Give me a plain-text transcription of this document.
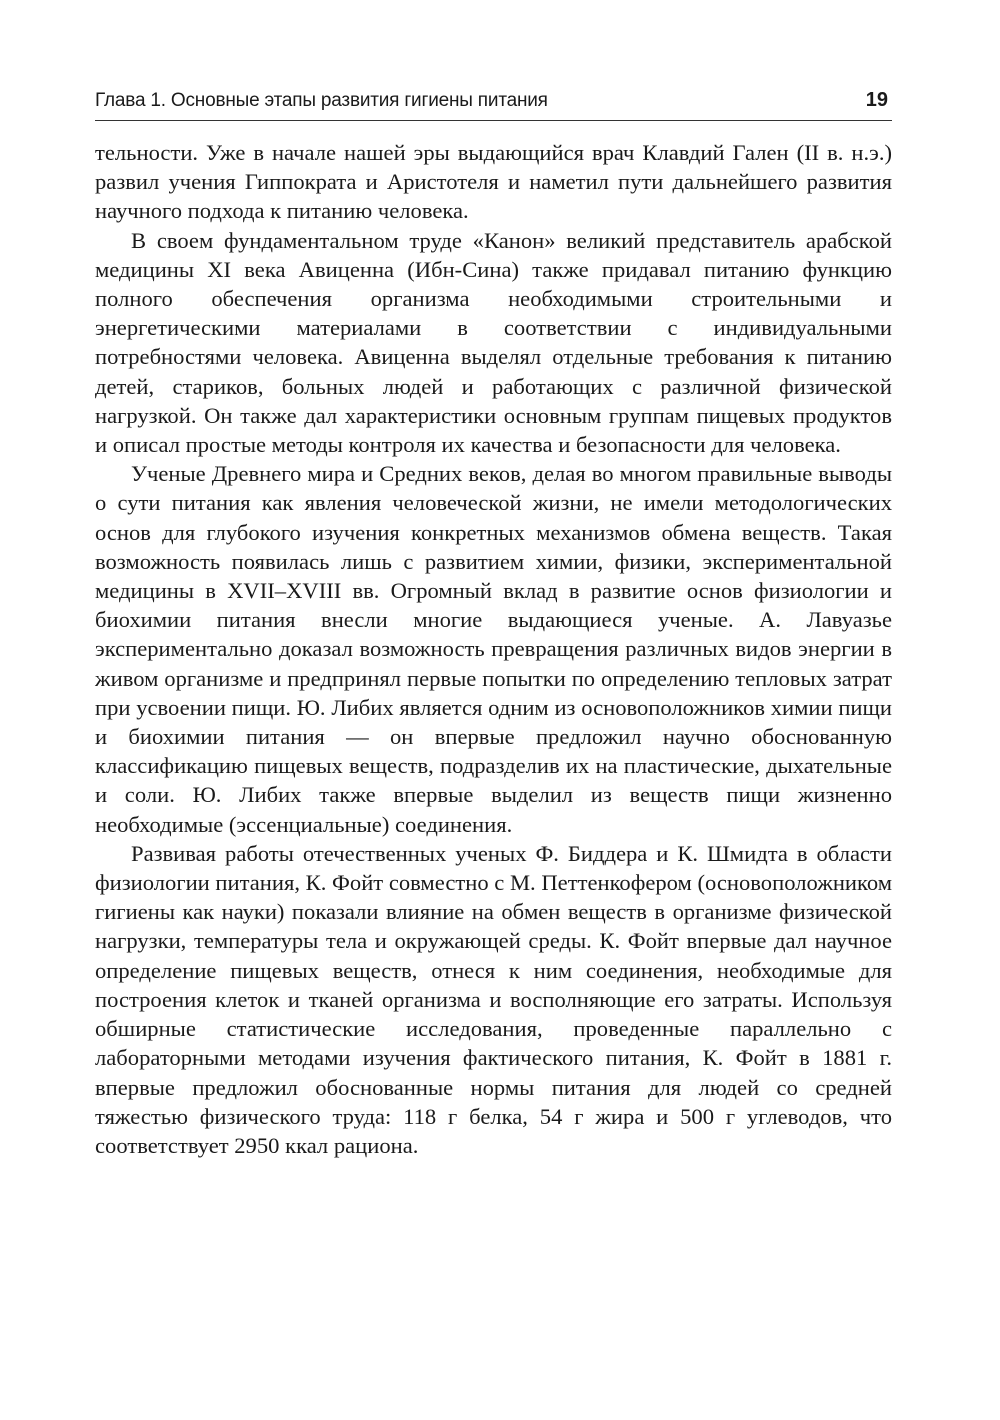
Глава 1. Основные этапы развития гигиены питания	19

тельности. Уже в начале нашей эры выдающийся врач Клавдий Гален (II в. н.э.) развил учения Гиппократа и Аристотеля и наметил пути дальнейшего развития научного подхода к питанию человека.

В своем фундаментальном труде «Канон» великий представитель арабской медицины XI века Авиценна (Ибн-Сина) также придавал питанию функцию полного обеспечения организма необходимыми строительными и энергетическими материалами в соответствии с индивидуальными потребностями человека. Авиценна выделял отдельные требования к питанию детей, стариков, больных людей и работающих с различной физической нагрузкой. Он также дал характеристики основным группам пищевых продуктов и описал простые методы контроля их качества и безопасности для человека.

Ученые Древнего мира и Средних веков, делая во многом правильные выводы о сути питания как явления человеческой жизни, не имели методологических основ для глубокого изучения конкретных механизмов обмена веществ. Такая возможность появилась лишь с развитием химии, физики, экспериментальной медицины в XVII–XVIII вв. Огромный вклад в развитие основ физиологии и биохимии питания внесли многие выдающиеся ученые. А. Лавуазье экспериментально доказал возможность превращения различных видов энергии в живом организме и предпринял первые попытки по определению тепловых затрат при усвоении пищи. Ю. Либих является одним из основоположников химии пищи и биохимии питания — он впервые предложил научно обоснованную классификацию пищевых веществ, подразделив их на пластические, дыхательные и соли. Ю. Либих также впервые выделил из веществ пищи жизненно необходимые (эссенциальные) соединения.

Развивая работы отечественных ученых Ф. Биддера и К. Шмидта в области физиологии питания, К. Фойт совместно с М. Петтенкофером (основоположником гигиены как науки) показали влияние на обмен веществ в организме физической нагрузки, температуры тела и окружающей среды. К. Фойт впервые дал научное определение пищевых веществ, отнеся к ним соединения, необходимые для построения клеток и тканей организма и восполняющие его затраты. Используя обширные статистические исследования, проведенные параллельно с лабораторными методами изучения фактического питания, К. Фойт в 1881 г. впервые предложил обоснованные нормы питания для людей со средней тяжестью физического труда: 118 г белка, 54 г жира и 500 г углеводов, что соответствует 2950 ккал рациона.
